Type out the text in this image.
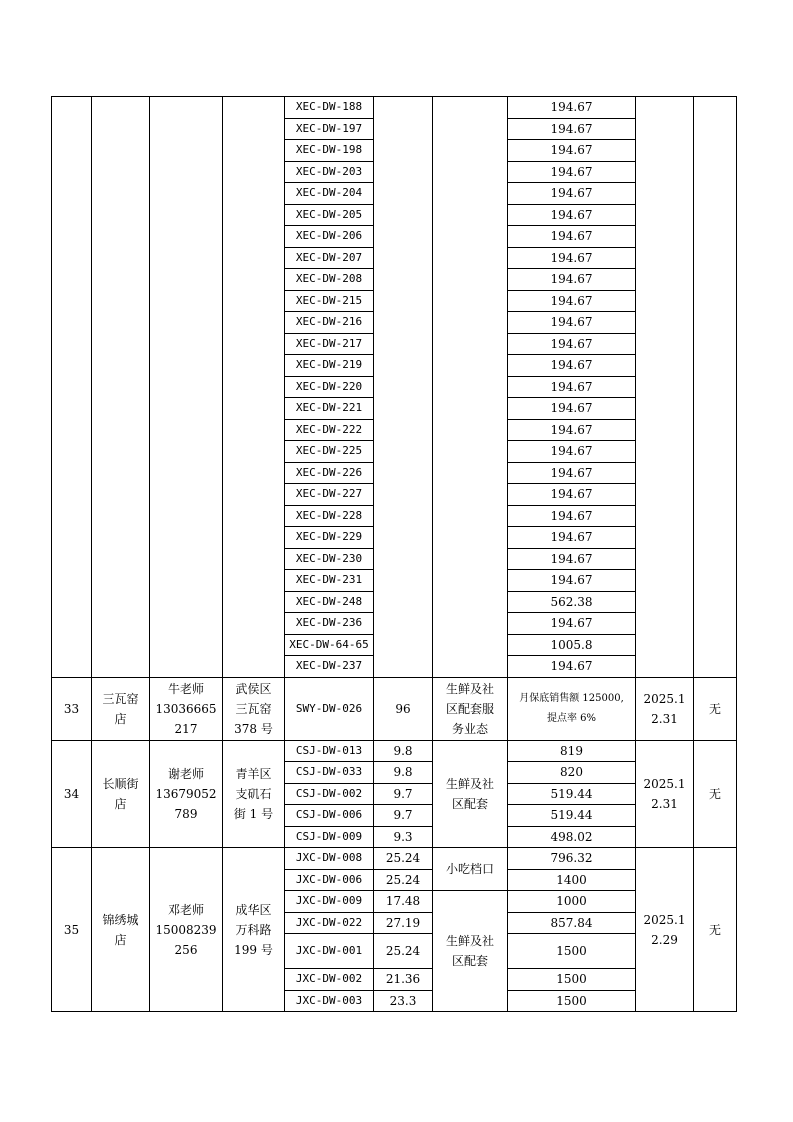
				XEC-DW-188			194.67		
				XEC-DW-197			194.67		
				XEC-DW-198			194.67		
				XEC-DW-203			194.67		
				XEC-DW-204			194.67		
				XEC-DW-205			194.67		
				XEC-DW-206			194.67		
				XEC-DW-207			194.67		
				XEC-DW-208			194.67		
				XEC-DW-215			194.67		
				XEC-DW-216			194.67		
				XEC-DW-217			194.67		
				XEC-DW-219			194.67		
				XEC-DW-220			194.67		
				XEC-DW-221			194.67		
				XEC-DW-222			194.67		
				XEC-DW-225			194.67		
				XEC-DW-226			194.67		
				XEC-DW-227			194.67		
				XEC-DW-228			194.67		
				XEC-DW-229			194.67		
				XEC-DW-230			194.67		
				XEC-DW-231			194.67		
				XEC-DW-248			562.38		
				XEC-DW-236			194.67		
				XEC-DW-64-65			1005.8		
				XEC-DW-237			194.67		
33	三瓦窑
店	牛老师
13036665
217	武侯区
三瓦窑
378 号	SWY-DW-026	96	生鲜及社
区配套服
务业态	月保底销售额 125000,
提点率 6%	2025.1
2.31	无
34	长顺街
店	谢老师
13679052
789	青羊区
支矶石
街 1 号	CSJ-DW-013	9.8	生鲜及社
区配套	819	2025.1
2.31	无
				CSJ-DW-033	9.8		820		
				CSJ-DW-002	9.7		519.44		
				CSJ-DW-006	9.7		519.44		
				CSJ-DW-009	9.3		498.02		
35	锦绣城
店	邓老师
15008239
256	成华区
万科路
199 号	JXC-DW-008	25.24	小吃档口	796.32	2025.1
2.29	无
				JXC-DW-006	25.24		1400		
				JXC-DW-009	17.48	生鲜及社
区配套	1000		
				JXC-DW-022	27.19		857.84		
				JXC-DW-001	25.24		1500		
				JXC-DW-002	21.36		1500		
				JXC-DW-003	23.3		1500		
